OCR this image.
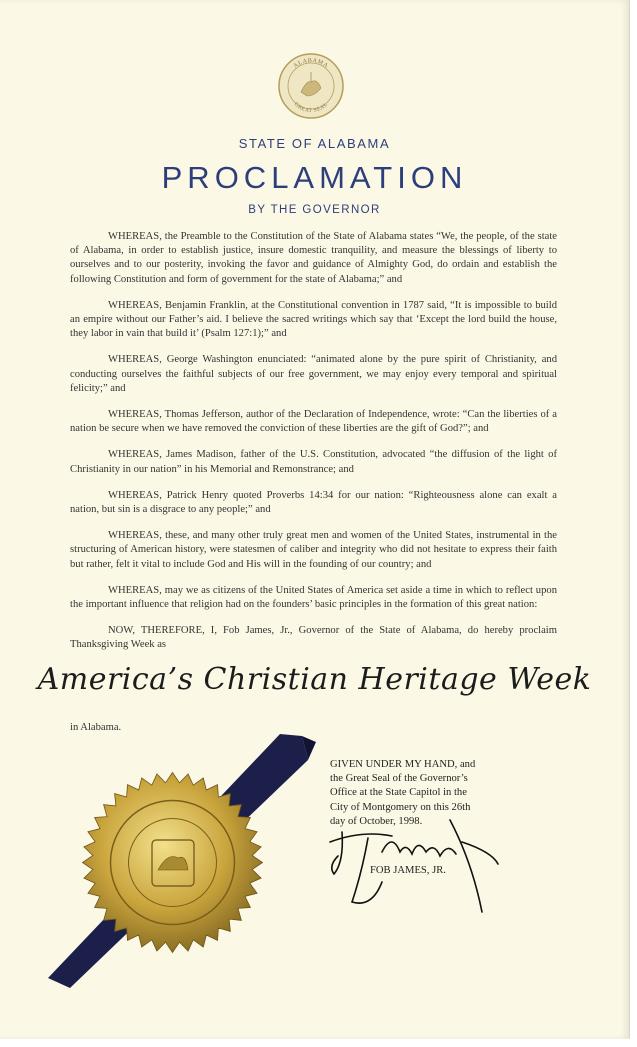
ALABAMA
GREAT SEAL
STATE OF ALABAMA
PROCLAMATION
BY THE GOVERNOR

WHEREAS, the Preamble to the Constitution of the State of Alabama states “We, the people, of the state of Alabama, in order to establish justice, insure domestic tranquility, and measure the blessings of liberty to ourselves and to our posterity, invoking the favor and guidance of Almighty God, do ordain and establish the following Constitution and form of government for the state of Alabama;” and

WHEREAS, Benjamin Franklin, at the Constitutional convention in 1787 said, “It is impossible to build an empire without our Father’s aid. I believe the sacred writings which say that ‘Except the lord build the house, they labor in vain that build it’ (Psalm 127:1);” and

WHEREAS, George Washington enunciated: “animated alone by the pure spirit of Christianity, and conducting ourselves the faithful subjects of our free government, we may enjoy every temporal and spiritual felicity;” and

WHEREAS, Thomas Jefferson, author of the Declaration of Independence, wrote: “Can the liberties of a nation be secure when we have removed the conviction of these liberties are the gift of God?”; and

WHEREAS, James Madison, father of the U.S. Constitution, advocated “the diffusion of the light of Christianity in our nation” in his Memorial and Remonstrance; and

WHEREAS, Patrick Henry quoted Proverbs 14:34 for our nation: “Righteousness alone can exalt a nation, but sin is a disgrace to any people;” and

WHEREAS, these, and many other truly great men and women of the United States, instrumental in the structuring of American history, were statesmen of caliber and integrity who did not hesitate to express their faith but rather, felt it vital to include God and His will in the founding of our country; and

WHEREAS, may we as citizens of the United States of America set aside a time in which to reflect upon the important influence that religion had on the founders’ basic principles in the formation of this great nation:

NOW, THEREFORE, I, Fob James, Jr., Governor of the State of Alabama, do hereby proclaim Thanksgiving Week as

America’s Christian Heritage Week
in Alabama.
GIVEN UNDER MY HAND, and
the Great Seal of the Governor’s
Office at the State Capitol in the
City of Montgomery on this 26th
day of October, 1998.
FOB JAMES, JR.
